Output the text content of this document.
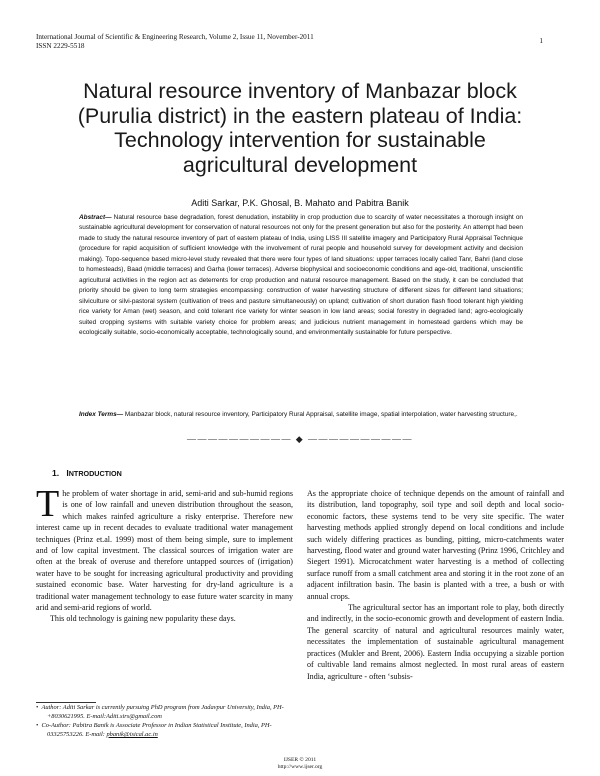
International Journal of Scientific & Engineering Research, Volume 2, Issue 11, November-2011
ISSN 2229-5518
1
Natural resource inventory of Manbazar block
(Purulia district) in the eastern plateau of India:
Technology intervention for sustainable
agricultural development
Aditi Sarkar, P.K. Ghosal, B. Mahato and Pabitra Banik
Abstract— Natural resource base degradation, forest denudation, instability in crop production due to scarcity of water necessitates a thorough insight on sustainable agricultural development for conservation of natural resources not only for the present generation but also for the posterity. An attempt had been made to study the natural resource inventory of part of eastern plateau of India, using LISS III satellite imagery and Participatory Rural Appraisal Technique (procedure for rapid acquisition of sufficient knowledge with the involvement of rural people and household survey for development activity and decision making). Topo-sequence based micro-level study revealed that there were four types of land situations: upper terraces locally called Tanr, Bahri (land close to homesteads), Baad (middle terraces) and Garha (lower terraces). Adverse biophysical and socioeconomic conditions and age-old, traditional, unscientific agricultural activities in the region act as deterrents for crop production and natural resource management. Based on the study, it can be concluded that priority should be given to long term strategies encompassing: construction of water harvesting structure of different sizes for different land situations; silviculture or silvi-pastoral system (cultivation of trees and pasture simultaneously) on upland; cultivation of short duration flash flood tolerant high yielding rice variety for Aman (wet) season, and cold tolerant rice variety for winter season in low land areas; social forestry in degraded land; agro-ecologically suited cropping systems with suitable variety choice for problem areas; and judicious nutrient management in homestead gardens which may be ecologically suitable, socio-economically acceptable, technologically sound, and environmentally sustainable for future perspective.
Index Terms— Manbazar block, natural resource inventory, Participatory Rural Appraisal, satellite image, spatial interpolation, water harvesting structure,.
—————————— ◆ ——————————
1. INTRODUCTION

The problem of water shortage in arid, semi-arid and sub-humid regions is one of low rainfall and uneven distribution throughout the season, which makes rainfed agriculture a risky enterprise. Therefore new interest came up in recent decades to evaluate traditional water management techniques (Prinz et.al. 1999) most of them being simple, sure to implement and of low capital investment. The classical sources of irrigation water are often at the break of overuse and therefore untapped sources of (irrigation) water have to be sought for increasing agricultural productivity and providing sustained economic base. Water harvesting for dry-land agriculture is a traditional water management technology to ease future water scarcity in many arid and semi-arid regions of world.

This old technology is gaining new popularity these days.

As the appropriate choice of technique depends on the amount of rainfall and its distribution, land topography, soil type and soil depth and local socio-economic factors, these systems tend to be very site specific. The water harvesting methods applied strongly depend on local conditions and include such widely differing practices as bunding, pitting, micro-catchments water harvesting, flood water and ground water harvesting (Prinz 1996, Critchley and Siegert 1991). Microcatchment water harvesting is a method of collecting surface runoff from a small catchment area and storing it in the root zone of an adjacent infiltration basin. The basin is planted with a tree, a bush or with annual crops.

The agricultural sector has an important role to play, both directly and indirectly, in the socio-economic growth and development of eastern India. The general scarcity of natural and agricultural resources mainly water, necessitates the implementation of sustainable agricultural management practices (Mukler and Brent, 2006). Eastern India occupying a sizable portion of cultivable land remains almost neglected. In most rural areas of eastern India, agriculture - often ‘subsis-

•  Author: Aditi Sarkar is currently pursuing PhD program from Jadavpur University, India, PH-+8030621995. E-mail:Aditi.sirs@gmail.com
•  Co-Author: Pabitra Banik is Associate Professor in Indian Statistical Institute, India, PH-03325753226. E-mail: pbanik@isical.ac.in
IJSER © 2011
http://www.ijser.org
